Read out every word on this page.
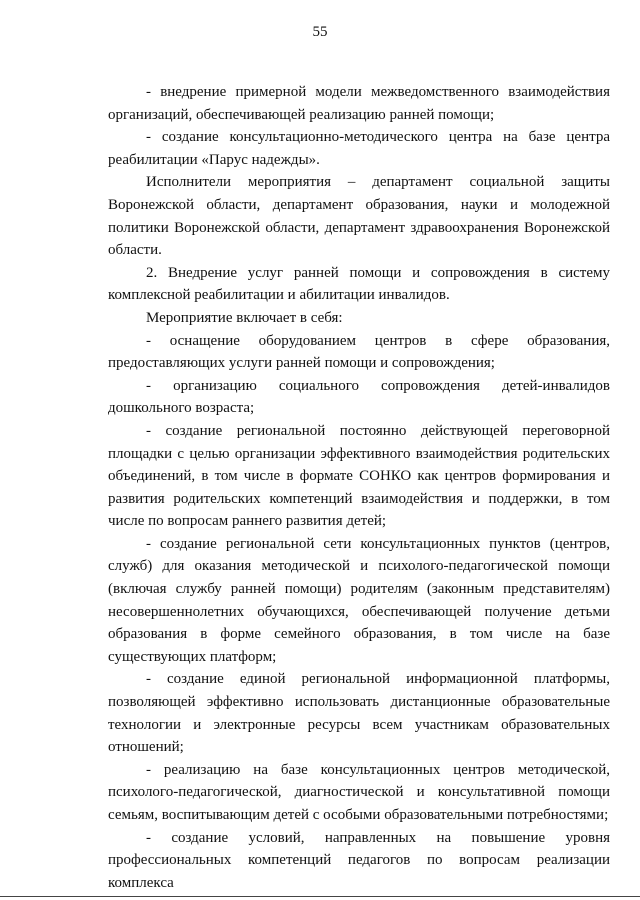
55

- внедрение примерной модели межведомственного взаимодействия организаций, обеспечивающей реализацию ранней помощи;

- создание консультационно-методического центра на базе центра реабилитации «Парус надежды».

Исполнители мероприятия – департамент социальной защиты Воронежской области, департамент образования, науки и молодежной политики Воронежской области, департамент здравоохранения Воронежской области.

2. Внедрение услуг ранней помощи и сопровождения в систему комплексной реабилитации и абилитации инвалидов.

Мероприятие включает в себя:

- оснащение оборудованием центров в сфере образования, предоставляющих услуги ранней помощи и сопровождения;

- организацию социального сопровождения детей-инвалидов дошкольного возраста;

- создание региональной постоянно действующей переговорной площадки с целью организации эффективного взаимодействия родительских объединений, в том числе в формате СОНКО как центров формирования и развития родительских компетенций взаимодействия и поддержки, в том числе по вопросам раннего развития детей;

- создание региональной сети консультационных пунктов (центров, служб) для оказания методической и психолого-педагогической помощи (включая службу ранней помощи) родителям (законным представителям) несовершеннолетних обучающихся, обеспечивающей получение детьми образования в форме семейного образования, в том числе на базе существующих платформ;

- создание единой региональной информационной платформы, позволяющей эффективно использовать дистанционные образовательные технологии и электронные ресурсы всем участникам образовательных отношений;

- реализацию на базе консультационных центров методической, психолого-педагогической, диагностической и консультативной помощи семьям, воспитывающим детей с особыми образовательными потребностями;

- создание условий, направленных на повышение уровня профессиональных компетенций педагогов по вопросам реализации комплекса
